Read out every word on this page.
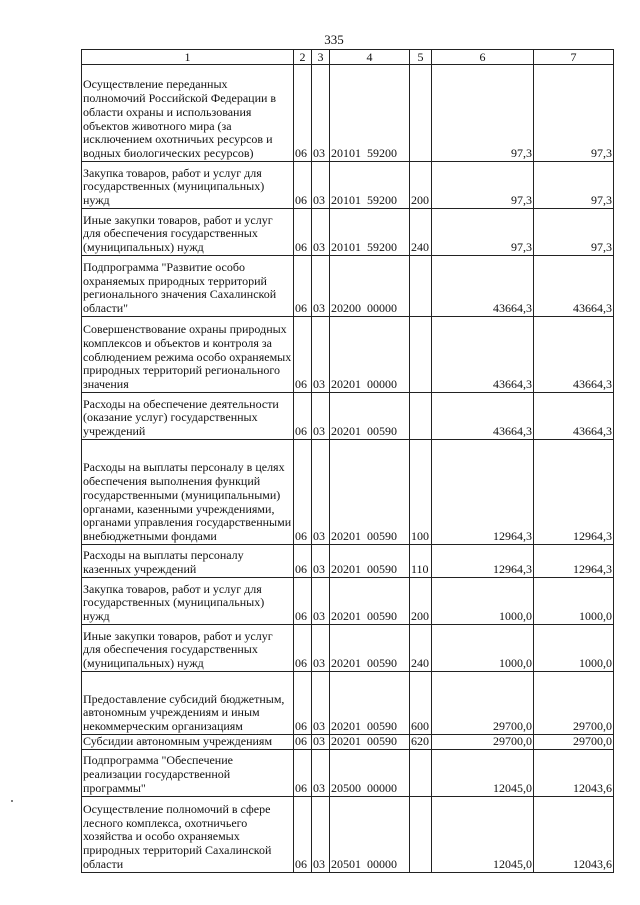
335
1	2	3	4	5	6	7
Осуществление переданных полномочий Российской Федерации в области охраны и использования объектов животного мира (за исключением охотничьих ресурсов и водных биологических ресурсов)	06	03	20101  59200		97,3	97,3
Закупка товаров, работ и услуг для государственных (муниципальных) нужд	06	03	20101  59200	200	97,3	97,3
Иные закупки товаров, работ и услуг для обеспечения государственных (муниципальных) нужд	06	03	20101  59200	240	97,3	97,3
Подпрограмма "Развитие особо охраняемых природных территорий регионального значения Сахалинской области"	06	03	20200  00000		43664,3	43664,3
Совершенствование охраны природных комплексов и объектов и контроля за соблюдением режима особо охраняемых природных территорий регионального значения	06	03	20201  00000		43664,3	43664,3
Расходы на обеспечение деятельности (оказание услуг) государственных учреждений	06	03	20201  00590		43664,3	43664,3
Расходы на выплаты персоналу в целях обеспечения выполнения функций государственными (муниципальными) органами, казенными учреждениями, органами управления государственными внебюджетными фондами	06	03	20201  00590	100	12964,3	12964,3
Расходы на выплаты персоналу казенных учреждений	06	03	20201  00590	110	12964,3	12964,3
Закупка товаров, работ и услуг для государственных (муниципальных) нужд	06	03	20201  00590	200	1000,0	1000,0
Иные закупки товаров, работ и услуг для обеспечения государственных (муниципальных) нужд	06	03	20201  00590	240	1000,0	1000,0
Предоставление субсидий бюджетным, автономным учреждениям и иным некоммерческим организациям	06	03	20201  00590	600	29700,0	29700,0
Субсидии автономным учреждениям	06	03	20201  00590	620	29700,0	29700,0
Подпрограмма "Обеспечение реализации государственной программы"	06	03	20500  00000		12045,0	12043,6
Осуществление полномочий в сфере лесного комплекса, охотничьего хозяйства и особо охраняемых природных территорий Сахалинской области	06	03	20501  00000		12045,0	12043,6
